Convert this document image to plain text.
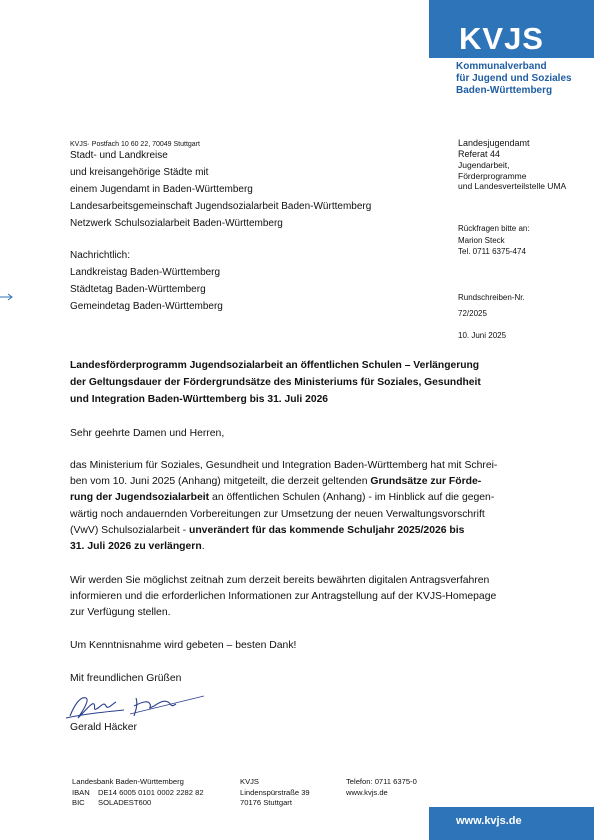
KVJS
Kommunalverband
für Jugend und Soziales
Baden-Württemberg
KVJS· Postfach 10 60 22, 70049 Stuttgart
Stadt- und Landkreise
und kreisangehörige Städte mit
einem Jugendamt in Baden-Württemberg
Landesarbeitsgemeinschaft Jugendsozialarbeit Baden-Württemberg
Netzwerk Schulsozialarbeit Baden-Württemberg
Nachrichtlich:
Landkreistag Baden-Württemberg
Städtetag Baden-Württemberg
Gemeindetag Baden-Württemberg
Landesjugendamt
Referat 44
Jugendarbeit,
Förderprogramme
und Landesverteilstelle UMA
Rückfragen bitte an:
Marion Steck
Tel. 0711 6375-474
Rundschreiben-Nr.
72/2025
10. Juni 2025
Landesförderprogramm Jugendsozialarbeit an öffentlichen Schulen – Verlängerung
der Geltungsdauer der Fördergrundsätze des Ministeriums für Soziales, Gesundheit
und Integration Baden-Württemberg bis 31. Juli 2026
Sehr geehrte Damen und Herren,
das Ministerium für Soziales, Gesundheit und Integration Baden-Württemberg hat mit Schrei-
ben vom 10. Juni 2025 (Anhang) mitgeteilt, die derzeit geltenden Grundsätze zur Förde-
rung der Jugendsozialarbeit an öffentlichen Schulen (Anhang) - im Hinblick auf die gegen-
wärtig noch andauernden Vorbereitungen zur Umsetzung der neuen Verwaltungsvorschrift
(VwV) Schulsozialarbeit - unverändert für das kommende Schuljahr 2025/2026 bis
31. Juli 2026 zu verlängern.
Wir werden Sie möglichst zeitnah zum derzeit bereits bewährten digitalen Antragsverfahren
informieren und die erforderlichen Informationen zur Antragstellung auf der KVJS-Homepage
zur Verfügung stellen.
Um Kenntnisnahme wird gebeten – besten Dank!
Mit freundlichen Grüßen
Gerald Häcker
Landesbank Baden-Württemberg
IBAN DE14 6005 0101 0002 2282 82
BIC SOLADEST600
KVJS
Lindenspürstraße 39
70176 Stuttgart
Telefon: 0711 6375-0
www.kvjs.de
www.kvjs.de
